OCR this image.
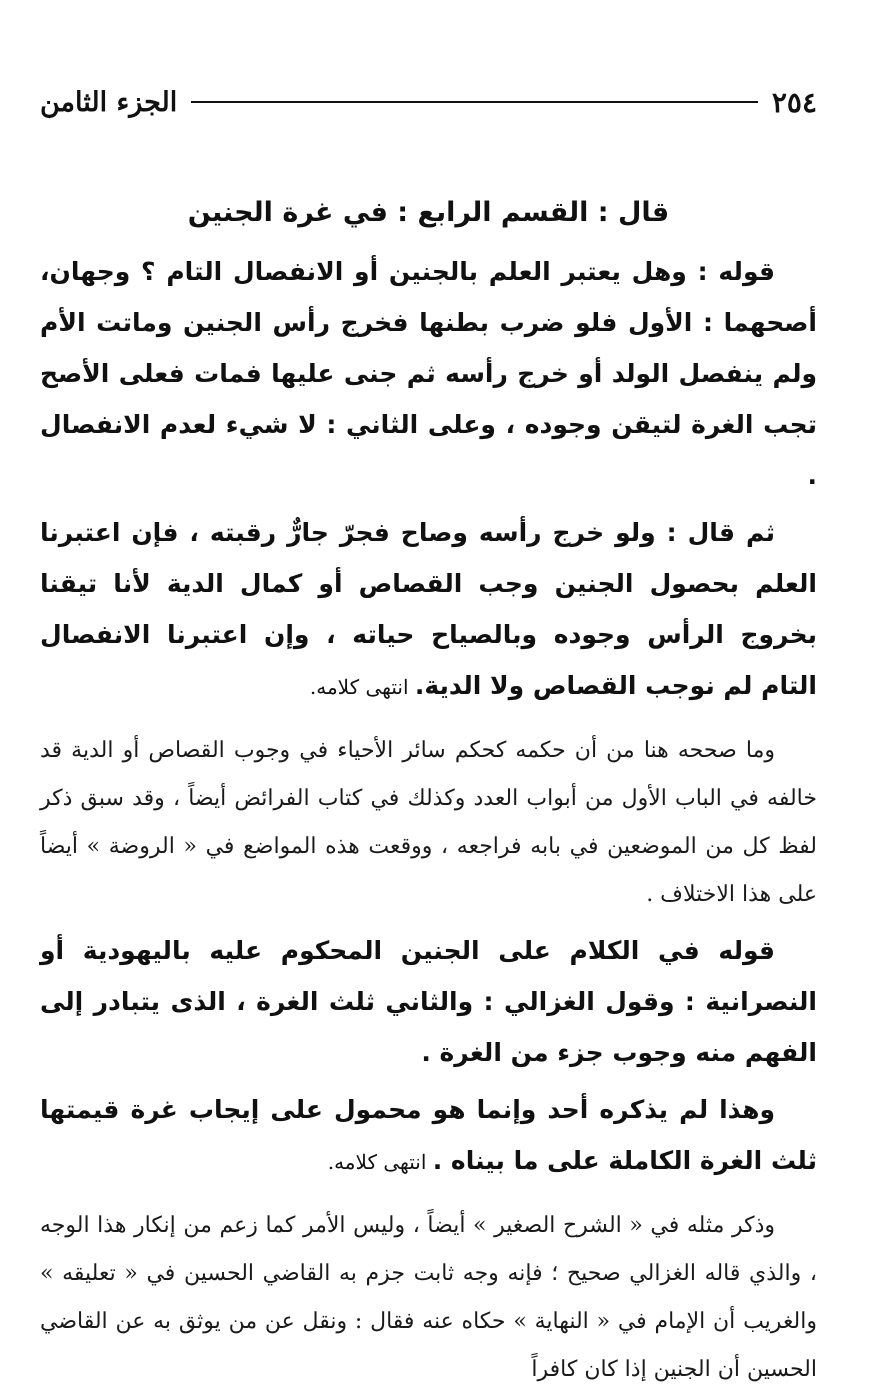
٢٥٤
الجزء الثامن
قال : القسم الرابع : في غرة الجنين

قوله : وهل يعتبر العلم بالجنين أو الانفصال التام ؟ وجهان، أصحهما : الأول فلو ضرب بطنها فخرج رأس الجنين وماتت الأم ولم ينفصل الولد أو خرج رأسه ثم جنى عليها فمات فعلى الأصح تجب الغرة لتيقن وجوده ، وعلى الثاني : لا شيء لعدم الانفصال .

ثم قال : ولو خرج رأسه وصاح فجرّ جارٌّ رقبته ، فإن اعتبرنا العلم بحصول الجنين وجب القصاص أو كمال الدية لأنا تيقنا بخروج الرأس وجوده وبالصياح حياته ، وإن اعتبرنا الانفصال التام لم نوجب القصاص ولا الدية. انتهى كلامه.

وما صححه هنا من أن حكمه كحكم سائر الأحياء في وجوب القصاص أو الدية قد خالفه في الباب الأول من أبواب العدد وكذلك في كتاب الفرائض أيضاً ، وقد سبق ذكر لفظ كل من الموضعين في بابه فراجعه ، ووقعت هذه المواضع في « الروضة » أيضاً على هذا الاختلاف .

قوله في الكلام على الجنين المحكوم عليه باليهودية أو النصرانية : وقول الغزالي : والثاني ثلث الغرة ، الذى يتبادر إلى الفهم منه وجوب جزء من الغرة .

وهذا لم يذكره أحد وإنما هو محمول على إيجاب غرة قيمتها ثلث الغرة الكاملة على ما بيناه . انتهى كلامه.

وذكر مثله في « الشرح الصغير » أيضاً ، وليس الأمر كما زعم من إنكار هذا الوجه ، والذي قاله الغزالي صحيح ؛ فإنه وجه ثابت جزم به القاضي الحسين في « تعليقه » والغريب أن الإمام في « النهاية » حكاه عنه فقال : ونقل عن من يوثق به عن القاضي الحسين أن الجنين إذا كان كافراً
